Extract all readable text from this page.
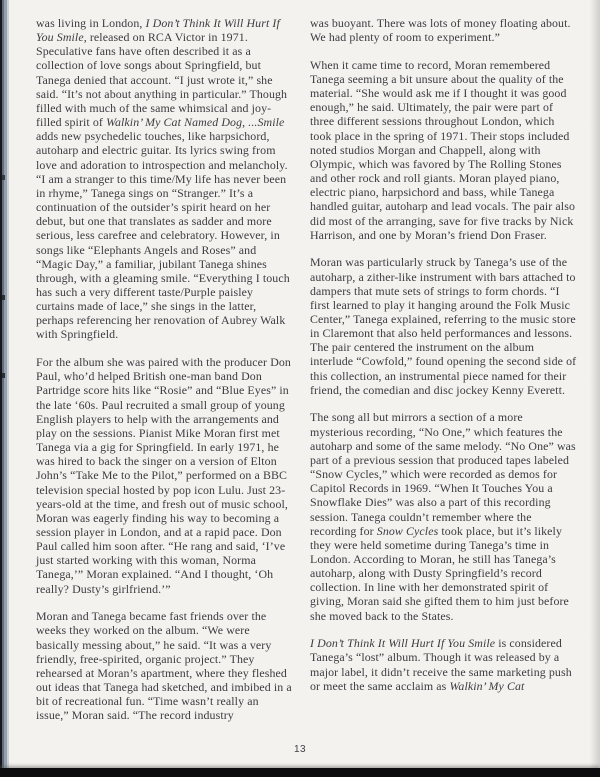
was living in London, I Don’t Think It Will Hurt If You Smile, released on RCA Victor in 1971. Speculative fans have often described it as a collection of love songs about Springfield, but Tanega denied that account. “I just wrote it,” she said. “It’s not about anything in particular.” Though filled with much of the same whimsical and joy-filled spirit of Walkin’ My Cat Named Dog, ...Smile adds new psychedelic touches, like harpsichord, autoharp and electric guitar. Its lyrics swing from love and adoration to introspection and melancholy. “I am a stranger to this time/My life has never been in rhyme,” Tanega sings on “Stranger.” It’s a continuation of the outsider’s spirit heard on her debut, but one that translates as sadder and more serious, less carefree and celebratory. However, in songs like “Elephants Angels and Roses” and “Magic Day,” a familiar, jubilant Tanega shines through, with a gleaming smile. “Everything I touch has such a very different taste/Purple paisley curtains made of lace,” she sings in the latter, perhaps referencing her renovation of Aubrey Walk with Springfield.

For the album she was paired with the producer Don Paul, who’d helped British one-man band Don Partridge score hits like “Rosie” and “Blue Eyes” in the late ‘60s. Paul recruited a small group of young English players to help with the arrangements and play on the sessions. Pianist Mike Moran first met Tanega via a gig for Springfield. In early 1971, he was hired to back the singer on a version of Elton John’s “Take Me to the Pilot,” performed on a BBC television special hosted by pop icon Lulu. Just 23-years-old at the time, and fresh out of music school, Moran was eagerly finding his way to becoming a session player in London, and at a rapid pace. Don Paul called him soon after. “He rang and said, ‘I’ve just started working with this woman, Norma Tanega,’” Moran explained. “And I thought, ‘Oh really? Dusty’s girlfriend.’”

Moran and Tanega became fast friends over the weeks they worked on the album. “We were basically messing about,” he said. “It was a very friendly, free-spirited, organic project.” They rehearsed at Moran’s apartment, where they fleshed out ideas that Tanega had sketched, and imbibed in a bit of recreational fun. “Time wasn’t really an issue,” Moran said. “The record industry

was buoyant. There was lots of money floating about. We had plenty of room to experiment.”

When it came time to record, Moran remembered Tanega seeming a bit unsure about the quality of the material. “She would ask me if I thought it was good enough,” he said. Ultimately, the pair were part of three different sessions throughout London, which took place in the spring of 1971. Their stops included noted studios Morgan and Chappell, along with Olympic, which was favored by The Rolling Stones and other rock and roll giants. Moran played piano, electric piano, harpsichord and bass, while Tanega handled guitar, autoharp and lead vocals. The pair also did most of the arranging, save for five tracks by Nick Harrison, and one by Moran’s friend Don Fraser.

Moran was particularly struck by Tanega’s use of the autoharp, a zither-like instrument with bars attached to dampers that mute sets of strings to form chords. “I first learned to play it hanging around the Folk Music Center,” Tanega explained, referring to the music store in Claremont that also held performances and lessons. The pair centered the instrument on the album interlude “Cowfold,” found opening the second side of this collection, an instrumental piece named for their friend, the comedian and disc jockey Kenny Everett.

The song all but mirrors a section of a more mysterious recording, “No One,” which features the autoharp and some of the same melody. “No One” was part of a previous session that produced tapes labeled “Snow Cycles,” which were recorded as demos for Capitol Records in 1969. “When It Touches You a Snowflake Dies” was also a part of this recording session. Tanega couldn’t remember where the recording for Snow Cycles took place, but it’s likely they were held sometime during Tanega’s time in London. According to Moran, he still has Tanega’s autoharp, along with Dusty Springfield’s record collection. In line with her demonstrated spirit of giving, Moran said she gifted them to him just before she moved back to the States.

I Don’t Think It Will Hurt If You Smile is considered Tanega’s “lost” album. Though it was released by a major label, it didn’t receive the same marketing push or meet the same acclaim as Walkin’ My Cat

13
